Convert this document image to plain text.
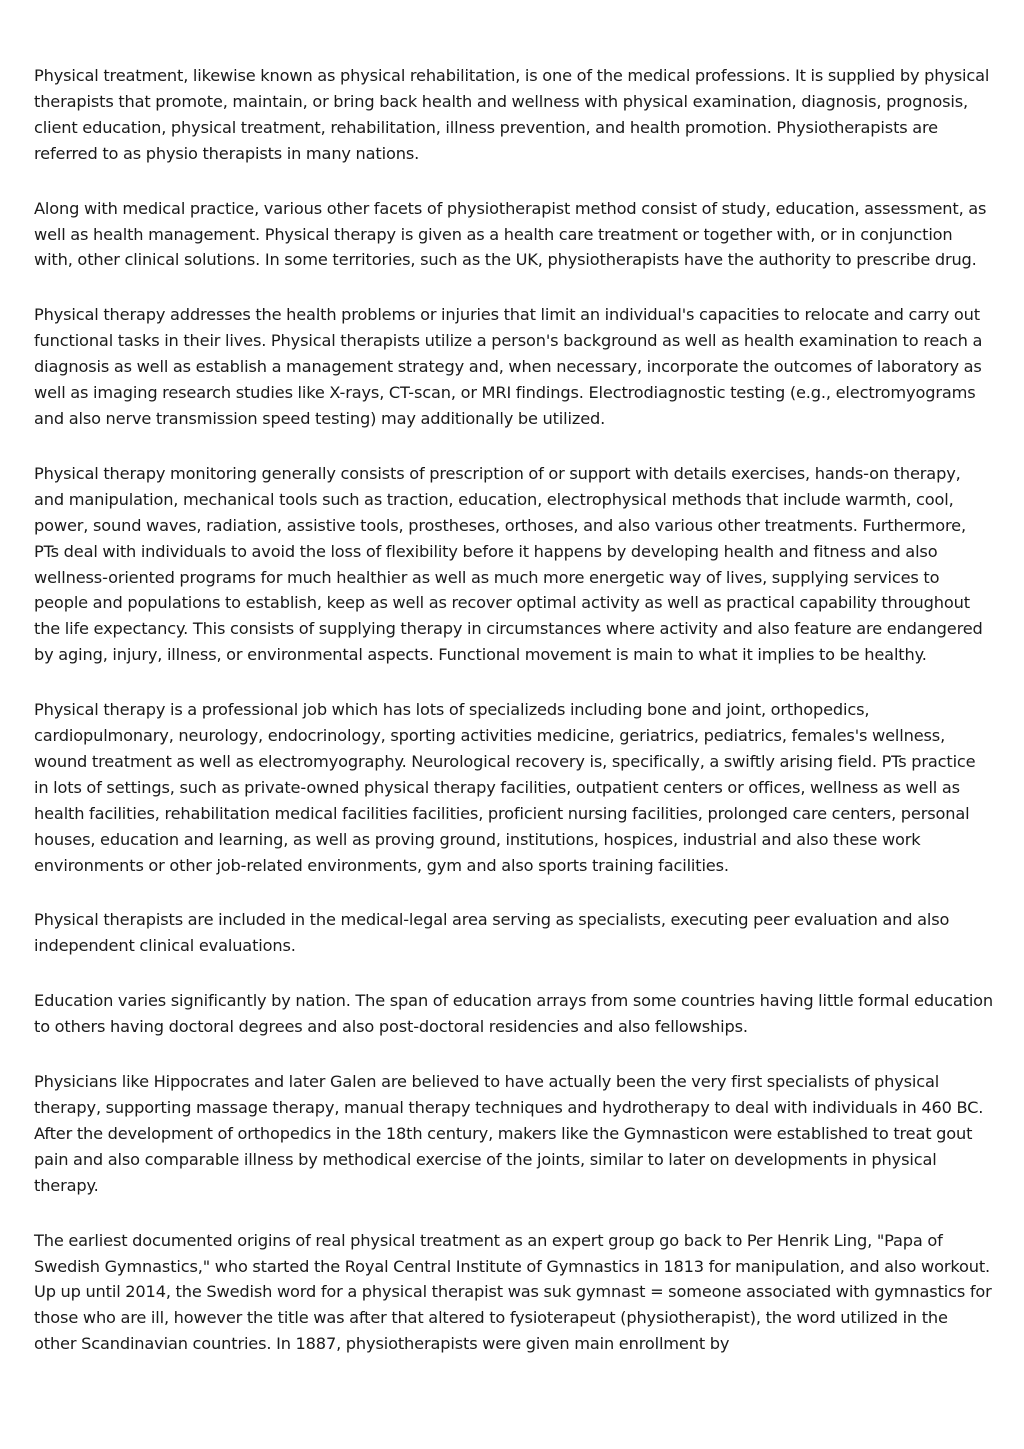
Physical treatment, likewise known as physical rehabilitation, is one of the medical professions. It is supplied by physical therapists that promote, maintain, or bring back health and wellness with physical examination, diagnosis, prognosis, client education, physical treatment, rehabilitation, illness prevention, and health promotion. Physiotherapists are referred to as physio therapists in many nations.

Along with medical practice, various other facets of physiotherapist method consist of study, education, assessment, as well as health management. Physical therapy is given as a health care treatment or together with, or in conjunction with, other clinical solutions. In some territories, such as the UK, physiotherapists have the authority to prescribe drug.

Physical therapy addresses the health problems or injuries that limit an individual's capacities to relocate and carry out functional tasks in their lives. Physical therapists utilize a person's background as well as health examination to reach a diagnosis as well as establish a management strategy and, when necessary, incorporate the outcomes of laboratory as well as imaging research studies like X-rays, CT-scan, or MRI findings. Electrodiagnostic testing (e.g., electromyograms and also nerve transmission speed testing) may additionally be utilized.

Physical therapy monitoring generally consists of prescription of or support with details exercises, hands-on therapy, and manipulation, mechanical tools such as traction, education, electrophysical methods that include warmth, cool, power, sound waves, radiation, assistive tools, prostheses, orthoses, and also various other treatments. Furthermore, PTs deal with individuals to avoid the loss of flexibility before it happens by developing health and fitness and also wellness-oriented programs for much healthier as well as much more energetic way of lives, supplying services to people and populations to establish, keep as well as recover optimal activity as well as practical capability throughout the life expectancy. This consists of supplying therapy in circumstances where activity and also feature are endangered by aging, injury, illness, or environmental aspects. Functional movement is main to what it implies to be healthy.

Physical therapy is a professional job which has lots of specializeds including bone and joint, orthopedics, cardiopulmonary, neurology, endocrinology, sporting activities medicine, geriatrics, pediatrics, females's wellness, wound treatment as well as electromyography. Neurological recovery is, specifically, a swiftly arising field. PTs practice in lots of settings, such as private-owned physical therapy facilities, outpatient centers or offices, wellness as well as health facilities, rehabilitation medical facilities facilities, proficient nursing facilities, prolonged care centers, personal houses, education and learning, as well as proving ground, institutions, hospices, industrial and also these work environments or other job-related environments, gym and also sports training facilities.

Physical therapists are included in the medical-legal area serving as specialists, executing peer evaluation and also independent clinical evaluations.

Education varies significantly by nation. The span of education arrays from some countries having little formal education to others having doctoral degrees and also post-doctoral residencies and also fellowships.

Physicians like Hippocrates and later Galen are believed to have actually been the very first specialists of physical therapy, supporting massage therapy, manual therapy techniques and hydrotherapy to deal with individuals in 460 BC. After the development of orthopedics in the 18th century, makers like the Gymnasticon were established to treat gout pain and also comparable illness by methodical exercise of the joints, similar to later on developments in physical therapy.

The earliest documented origins of real physical treatment as an expert group go back to Per Henrik Ling, "Papa of Swedish Gymnastics," who started the Royal Central Institute of Gymnastics in 1813 for manipulation, and also workout. Up up until 2014, the Swedish word for a physical therapist was suk gymnast = someone associated with gymnastics for those who are ill, however the title was after that altered to fysioterapeut (physiotherapist), the word utilized in the other Scandinavian countries. In 1887, physiotherapists were given main enrollment by
